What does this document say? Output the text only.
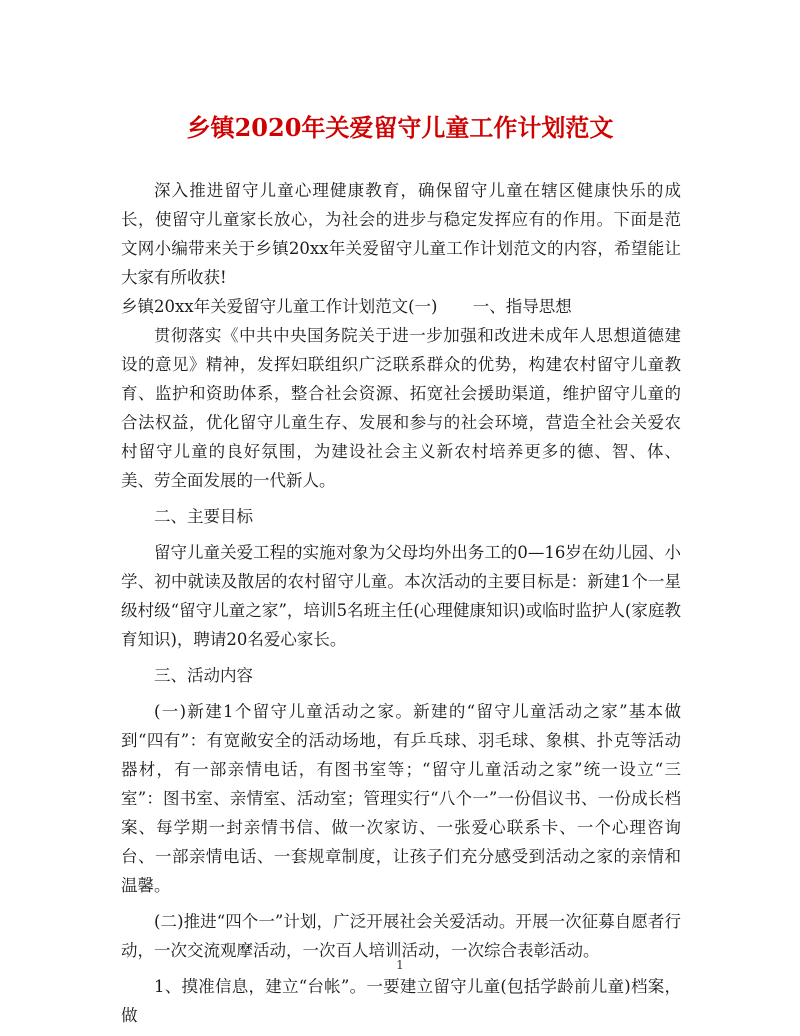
乡镇2020年关爱留守儿童工作计划范文

深入推进留守儿童心理健康教育，确保留守儿童在辖区健康快乐的成长，使留守儿童家长放心，为社会的进步与稳定发挥应有的作用。下面是范文网小编带来关于乡镇20xx年关爱留守儿童工作计划范文的内容，希望能让大家有所收获!

乡镇20xx年关爱留守儿童工作计划范文(一) 一、指导思想

贯彻落实《中共中央国务院关于进一步加强和改进未成年人思想道德建设的意见》精神，发挥妇联组织广泛联系群众的优势，构建农村留守儿童教育、监护和资助体系，整合社会资源、拓宽社会援助渠道，维护留守儿童的合法权益，优化留守儿童生存、发展和参与的社会环境，营造全社会关爱农村留守儿童的良好氛围，为建设社会主义新农村培养更多的德、智、体、美、劳全面发展的一代新人。

二、主要目标

留守儿童关爱工程的实施对象为父母均外出务工的0—16岁在幼儿园、小学、初中就读及散居的农村留守儿童。本次活动的主要目标是：新建1个一星级村级“留守儿童之家”，培训5名班主任(心理健康知识)或临时监护人(家庭教育知识)，聘请20名爱心家长。

三、活动内容

(一)新建1个留守儿童活动之家。新建的“留守儿童活动之家”基本做到“四有”：有宽敞安全的活动场地，有乒乓球、羽毛球、象棋、扑克等活动器材，有一部亲情电话，有图书室等；“留守儿童活动之家”统一设立“三室”：图书室、亲情室、活动室；管理实行“八个一”一份倡议书、一份成长档案、每学期一封亲情书信、做一次家访、一张爱心联系卡、一个心理咨询台、一部亲情电话、一套规章制度，让孩子们充分感受到活动之家的亲情和温馨。

(二)推进“四个一”计划，广泛开展社会关爱活动。开展一次征募自愿者行动，一次交流观摩活动，一次百人培训活动，一次综合表彰活动。

1、摸准信息，建立“台帐”。一要建立留守儿童(包括学龄前儿童)档案，做

1
